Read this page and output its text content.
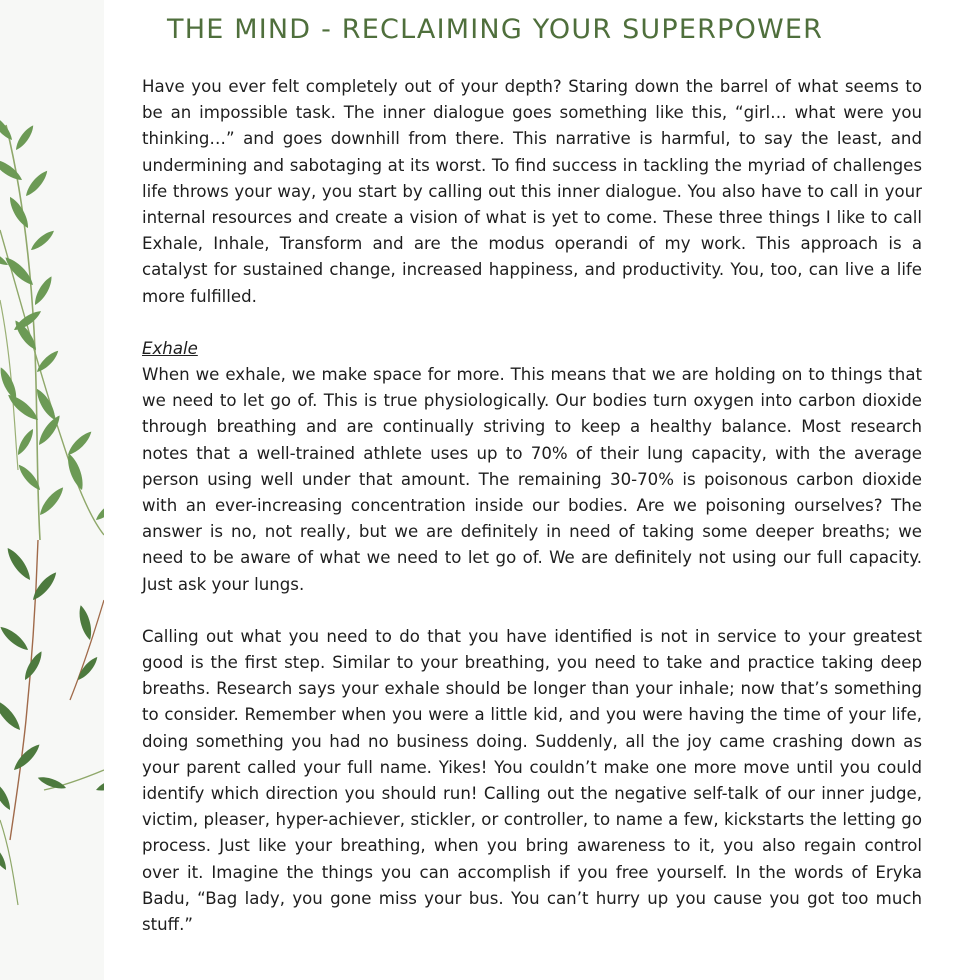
THE MIND - RECLAIMING YOUR SUPERPOWER

Have you ever felt completely out of your depth? Staring down the barrel of what seems to be an impossible task. The inner dialogue goes something like this, “girl… what were you thinking…” and goes downhill from there. This narrative is harmful, to say the least, and undermining and sabotaging at its worst. To find success in tackling the myriad of challenges life throws your way, you start by calling out this inner dialogue. You also have to call in your internal resources and create a vision of what is yet to come. These three things I like to call Exhale, Inhale, Transform and are the modus operandi of my work. This approach is a catalyst for sustained change, increased happiness, and productivity. You, too, can live a life more fulfilled.

Exhale

When we exhale, we make space for more. This means that we are holding on to things that we need to let go of. This is true physiologically. Our bodies turn oxygen into carbon dioxide through breathing and are continually striving to keep a healthy balance. Most research notes that a well-trained athlete uses up to 70% of their lung capacity, with the average person using well under that amount. The remaining 30-70% is poisonous carbon dioxide with an ever-increasing concentration inside our bodies. Are we poisoning ourselves? The answer is no, not really, but we are definitely in need of taking some deeper breaths; we need to be aware of what we need to let go of. We are definitely not using our full capacity. Just ask your lungs.

Calling out what you need to do that you have identified is not in service to your greatest good is the first step. Similar to your breathing, you need to take and practice taking deep breaths. Research says your exhale should be longer than your inhale; now that’s something to consider. Remember when you were a little kid, and you were having the time of your life, doing something you had no business doing. Suddenly, all the joy came crashing down as your parent called your full name. Yikes! You couldn’t make one more move until you could identify which direction you should run! Calling out the negative self-talk of our inner judge, victim, pleaser, hyper-achiever, stickler, or controller, to name a few, kickstarts the letting go process. Just like your breathing, when you bring awareness to it, you also regain control over it. Imagine the things you can accomplish if you free yourself. In the words of Eryka Badu, “Bag lady, you gone miss your bus. You can’t hurry up you cause you got too much stuff.”
